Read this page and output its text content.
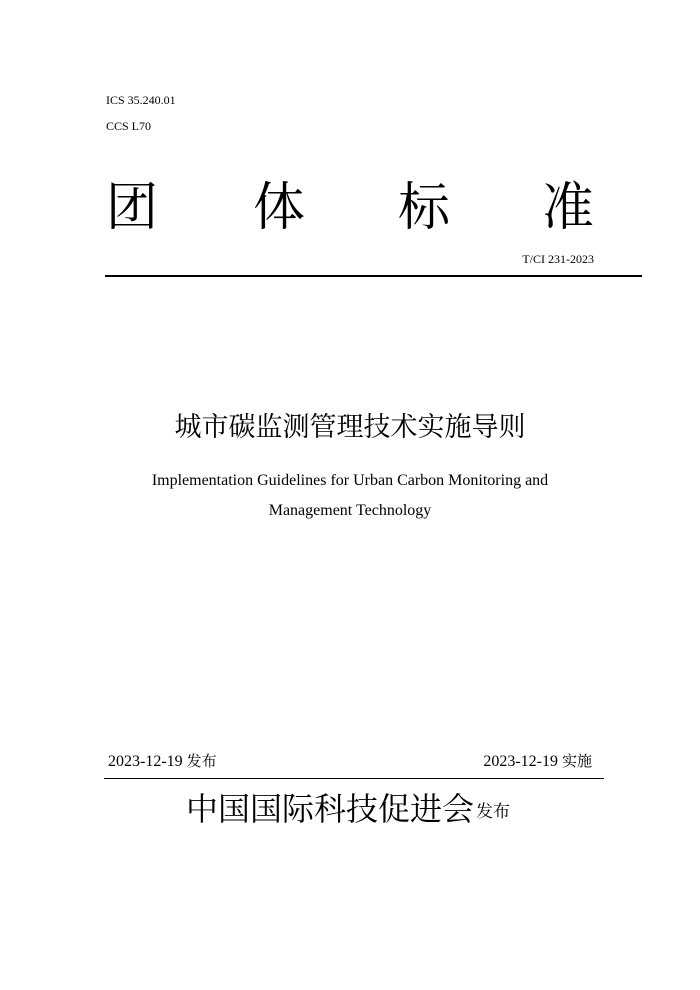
ICS 35.240.01
CCS L70
团 体 标 准
T/CI 231-2023
城市碳监测管理技术实施导则
Implementation Guidelines for Urban Carbon Monitoring and
Management Technology
2023-12-19 发布	2023-12-19 实施
中国国际科技促进会 发布
